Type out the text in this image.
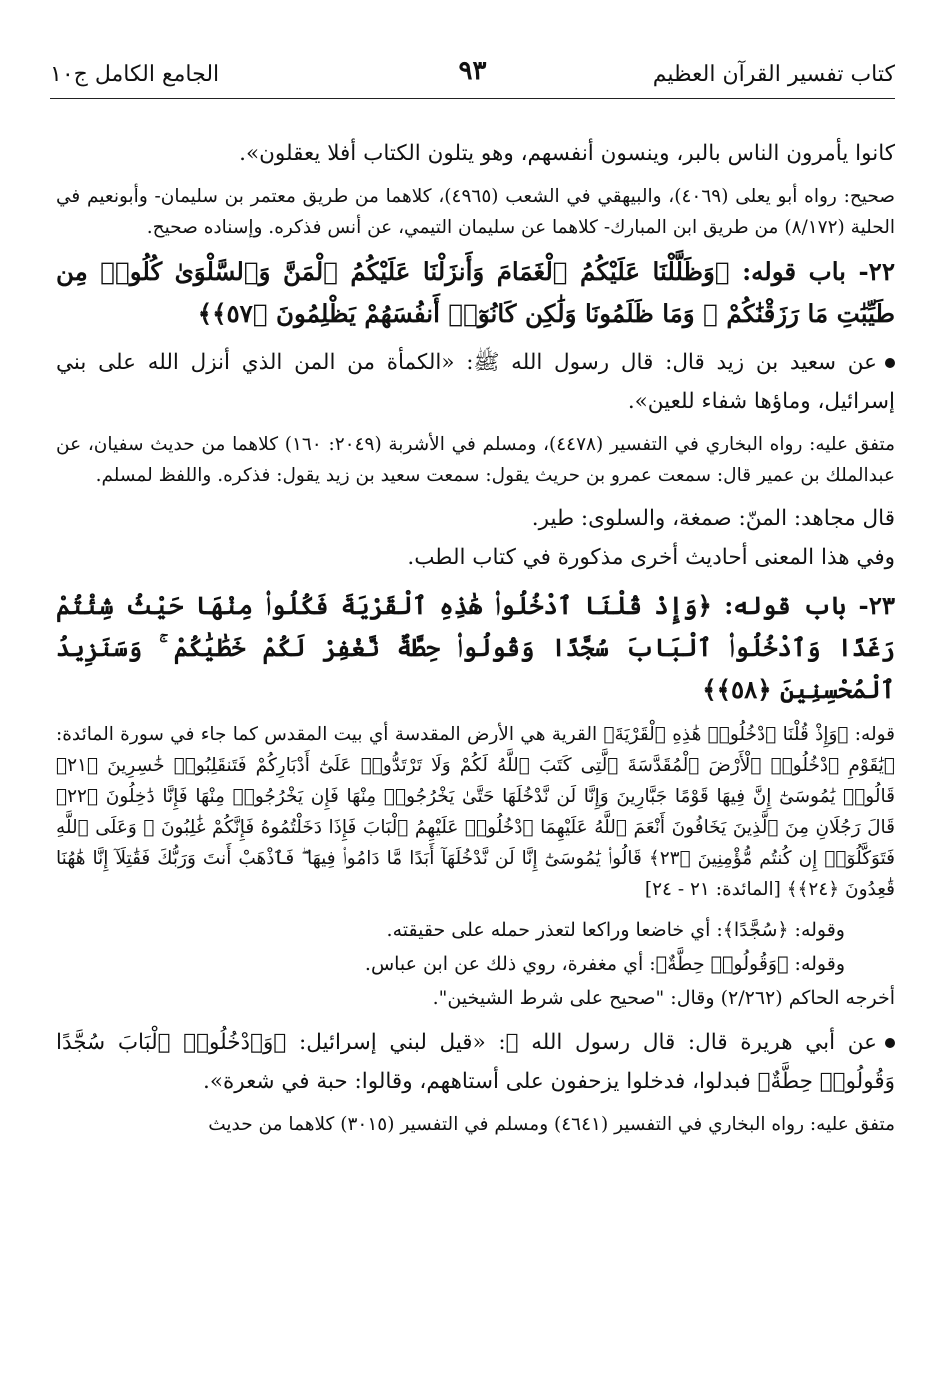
كتاب تفسير القرآن العظيم
٩٣
الجامع الكامل ج١٠

كانوا يأمرون الناس بالبر، وينسون أنفسهم، وهو يتلون الكتاب أفلا يعقلون».

صحيح: رواه أبو يعلى (٤٠٦٩)، والبيهقي في الشعب (٤٩٦٥)، كلاهما من طريق معتمر بن سليمان- وأبونعيم في الحلية (٨/١٧٢) من طريق ابن المبارك- كلاهما عن سليمان التيمي، عن أنس فذكره. وإسناده صحيح.

٢٢- باب قوله: ﴿وَظَلَّلْنَا عَلَيْكُمُ ٱلْغَمَامَ وَأَنزَلْنَا عَلَيْكُمُ ٱلْمَنَّ وَٱلسَّلْوَىٰ كُلُوا۟ مِن طَيِّبَٰتِ مَا رَزَقْنَٰكُمْ ۖ وَمَا ظَلَمُونَا وَلَٰكِن كَانُوٓا۟ أَنفُسَهُمْ يَظْلِمُونَ ﴿٥٧﴾﴾

عن سعيد بن زيد قال: قال رسول الله ﷺ: «الكمأة من المن الذي أنزل الله على بني إسرائيل، وماؤها شفاء للعين».

متفق عليه: رواه البخاري في التفسير (٤٤٧٨)، ومسلم في الأشربة (٢٠٤٩: ١٦٠) كلاهما من حديث سفيان، عن عبدالملك بن عمير قال: سمعت عمرو بن حريث يقول: سمعت سعيد بن زيد يقول: فذكره. واللفظ لمسلم.

قال مجاهد: المنّ: صمغة، والسلوى: طير.

وفي هذا المعنى أحاديث أخرى مذكورة في كتاب الطب.

٢٣- باب قوله: ﴿وَإِذْ قُلْنَا ٱدْخُلُوا۟ هَٰذِهِ ٱلْقَرْيَةَ فَكُلُوا۟ مِنْهَا حَيْثُ شِئْتُمْ رَغَدًا وَٱدْخُلُوا۟ ٱلْبَابَ سُجَّدًا وَقُولُوا۟ حِطَّةٌ نَّغْفِرْ لَكُمْ خَطَٰيَٰكُمْ ۚ وَسَنَزِيدُ ٱلْمُحْسِنِينَ ﴿٥٨﴾﴾

قوله: ﴿وَإِذْ قُلْنَا ٱدْخُلُوا۟ هَٰذِهِ ٱلْقَرْيَةَ﴾ القرية هي الأرض المقدسة أي بيت المقدس كما جاء في سورة المائدة: ﴿يَٰقَوْمِ ٱدْخُلُوا۟ ٱلْأَرْضَ ٱلْمُقَدَّسَةَ ٱلَّتِى كَتَبَ ٱللَّهُ لَكُمْ وَلَا تَرْتَدُّوا۟ عَلَىٰٓ أَدْبَارِكُمْ فَتَنقَلِبُوا۟ خَٰسِرِينَ ﴿٢١﴾ قَالُوا۟ يَٰمُوسَىٰٓ إِنَّ فِيهَا قَوْمًا جَبَّارِينَ وَإِنَّا لَن نَّدْخُلَهَا حَتَّىٰ يَخْرُجُوا۟ مِنْهَا فَإِن يَخْرُجُوا۟ مِنْهَا فَإِنَّا دَٰخِلُونَ ﴿٢٢﴾ قَالَ رَجُلَانِ مِنَ ٱلَّذِينَ يَخَافُونَ أَنْعَمَ ٱللَّهُ عَلَيْهِمَا ٱدْخُلُوا۟ عَلَيْهِمُ ٱلْبَابَ فَإِذَا دَخَلْتُمُوهُ فَإِنَّكُمْ غَٰلِبُونَ ۚ وَعَلَى ٱللَّهِ فَتَوَكَّلُوٓا۟ إِن كُنتُم مُّؤْمِنِينَ ﴿٢٣﴾ قَالُوا۟ يَٰمُوسَىٰٓ إِنَّا لَن نَّدْخُلَهَآ أَبَدًا مَّا دَامُوا۟ فِيهَا ۖ فَٱذْهَبْ أَنتَ وَرَبُّكَ فَقَٰتِلَآ إِنَّا هَٰهُنَا قَٰعِدُونَ ﴿٢٤﴾﴾ [المائدة: ٢١ - ٢٤]

وقوله: ﴿سُجَّدًا﴾: أي خاضعا وراكعا لتعذر حمله على حقيقته.

وقوله: ﴿وَقُولُوا۟ حِطَّةٌ﴾: أي مغفرة، روي ذلك عن ابن عباس.

أخرجه الحاكم (٢/٢٦٢) وقال: "صحيح على شرط الشيخين".

عن أبي هريرة قال: قال رسول الله ﷺ: «قيل لبني إسرائيل: ﴿وَٱدْخُلُوا۟ ٱلْبَابَ سُجَّدًا وَقُولُوا۟ حِطَّةٌ﴾ فبدلوا، فدخلوا يزحفون على أستاههم، وقالوا: حبة في شعرة».

متفق عليه: رواه البخاري في التفسير (٤٦٤١) ومسلم في التفسير (٣٠١٥) كلاهما من حديث
